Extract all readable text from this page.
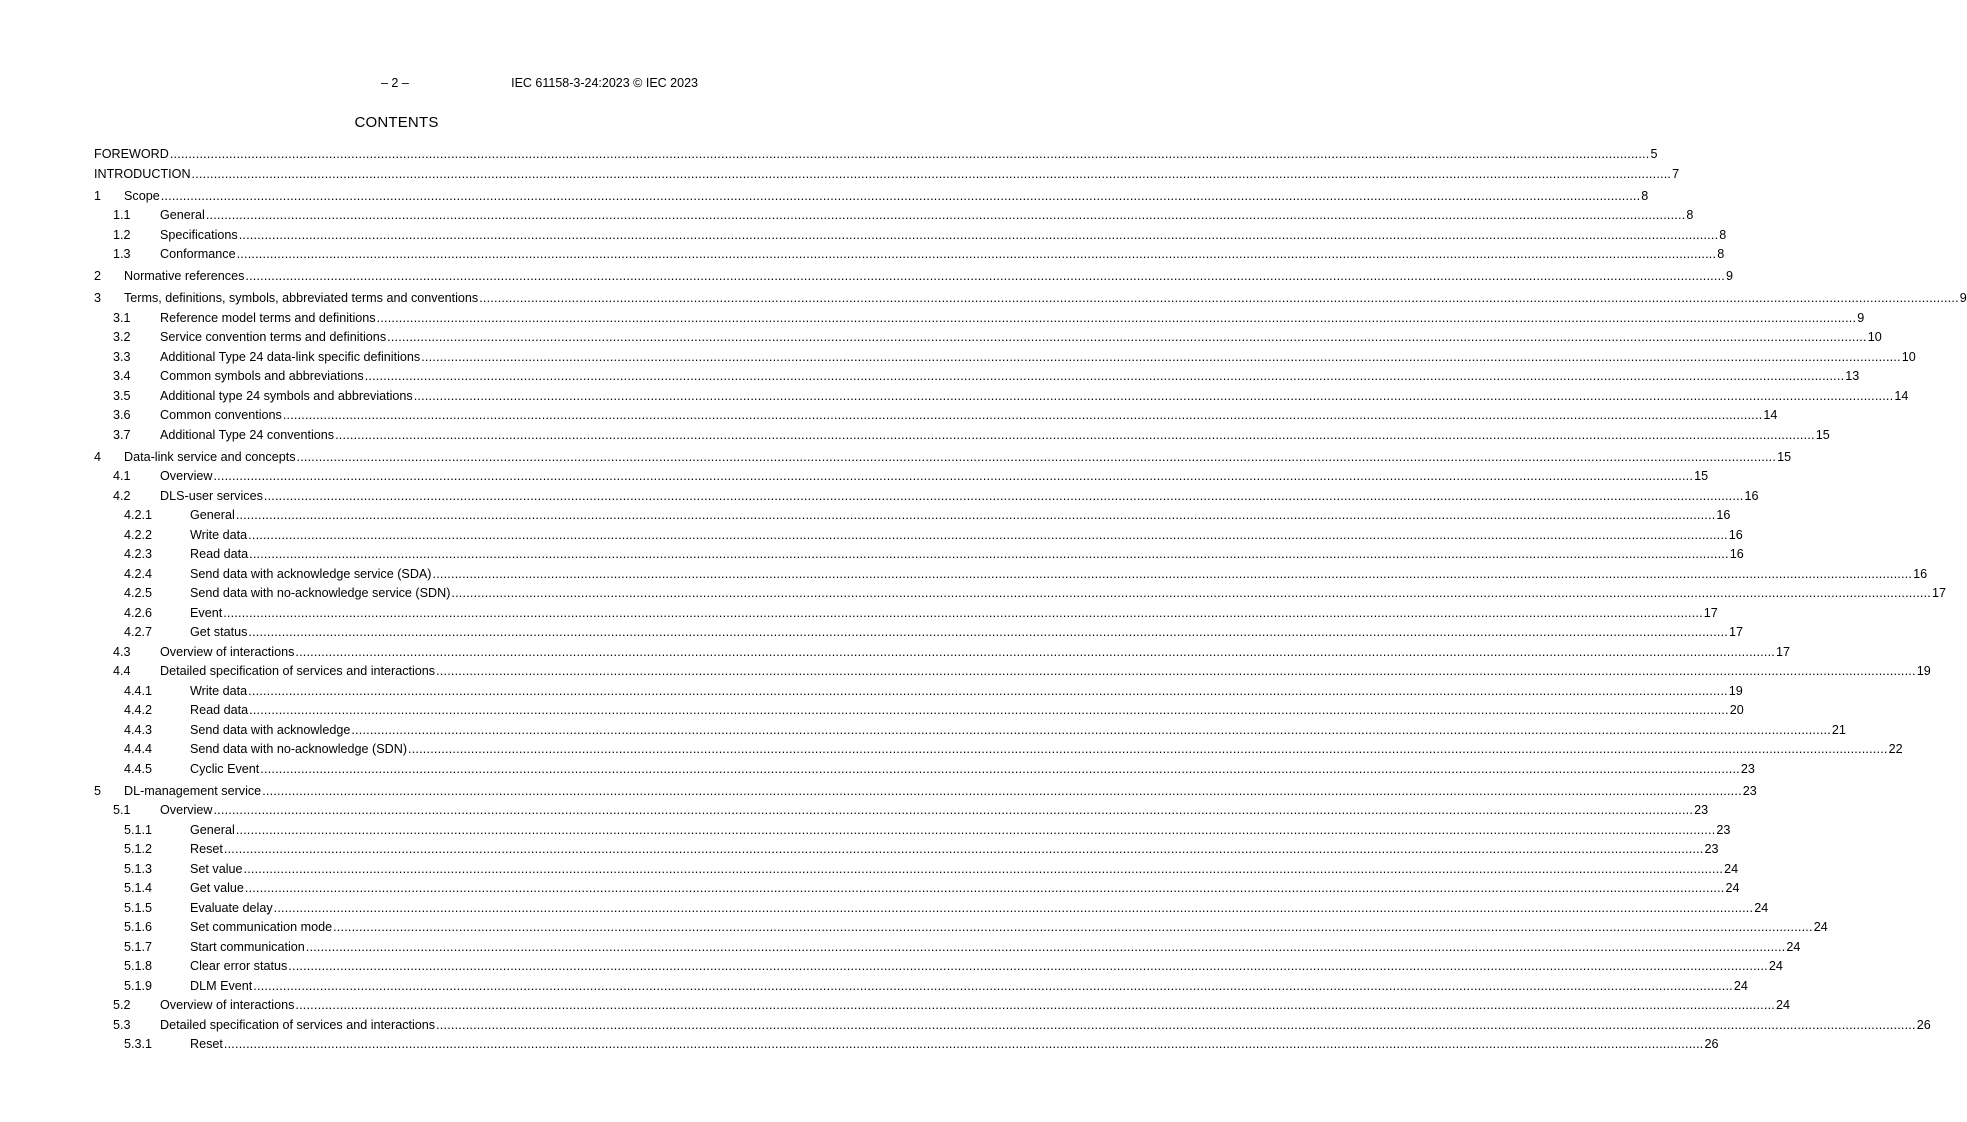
– 2 –	IEC 61158-3-24:2023 © IEC 2023
CONTENTS
FOREWORD ................................................................................................................................................................................................................................................................................................................................................................................................................ 5
INTRODUCTION ................................................................................................................................................................................................................................................................................................................................................................................................................ 7
1 Scope ................................................................................................................................................................................................................................................................................................................................................................................................................ 8
1.1 General ................................................................................................................................................................................................................................................................................................................................................................................................................ 8
1.2 Specifications ................................................................................................................................................................................................................................................................................................................................................................................................................ 8
1.3 Conformance ................................................................................................................................................................................................................................................................................................................................................................................................................ 8
2 Normative references ................................................................................................................................................................................................................................................................................................................................................................................................................ 9
3 Terms, definitions, symbols, abbreviated terms and conventions ................................................................................................................................................................................................................................................................................................................................................................................................................ 9
3.1 Reference model terms and definitions ................................................................................................................................................................................................................................................................................................................................................................................................................ 9
3.2 Service convention terms and definitions ................................................................................................................................................................................................................................................................................................................................................................................................................ 10
3.3 Additional Type 24 data-link specific definitions ................................................................................................................................................................................................................................................................................................................................................................................................................ 10
3.4 Common symbols and abbreviations ................................................................................................................................................................................................................................................................................................................................................................................................................ 13
3.5 Additional type 24 symbols and abbreviations ................................................................................................................................................................................................................................................................................................................................................................................................................ 14
3.6 Common conventions ................................................................................................................................................................................................................................................................................................................................................................................................................ 14
3.7 Additional Type 24 conventions ................................................................................................................................................................................................................................................................................................................................................................................................................ 15
4 Data-link service and concepts ................................................................................................................................................................................................................................................................................................................................................................................................................ 15
4.1 Overview ................................................................................................................................................................................................................................................................................................................................................................................................................ 15
4.2 DLS-user services ................................................................................................................................................................................................................................................................................................................................................................................................................ 16
4.2.1	General ................................................................................................................................................................................................................................................................................................................................................................................................................ 16
4.2.2	Write data ................................................................................................................................................................................................................................................................................................................................................................................................................ 16
4.2.3	Read data ................................................................................................................................................................................................................................................................................................................................................................................................................ 16
4.2.4	Send data with acknowledge service (SDA) ................................................................................................................................................................................................................................................................................................................................................................................................................ 16
4.2.5	Send data with no-acknowledge service (SDN) ................................................................................................................................................................................................................................................................................................................................................................................................................ 17
4.2.6	Event ................................................................................................................................................................................................................................................................................................................................................................................................................ 17
4.2.7	Get status ................................................................................................................................................................................................................................................................................................................................................................................................................ 17
4.3 Overview of interactions ................................................................................................................................................................................................................................................................................................................................................................................................................ 17
4.4 Detailed specification of services and interactions ................................................................................................................................................................................................................................................................................................................................................................................................................ 19
4.4.1	Write data ................................................................................................................................................................................................................................................................................................................................................................................................................ 19
4.4.2	Read data ................................................................................................................................................................................................................................................................................................................................................................................................................ 20
4.4.3	Send data with acknowledge ................................................................................................................................................................................................................................................................................................................................................................................................................ 21
4.4.4	Send data with no-acknowledge (SDN) ................................................................................................................................................................................................................................................................................................................................................................................................................ 22
4.4.5	Cyclic Event ................................................................................................................................................................................................................................................................................................................................................................................................................ 23
5 DL-management service ................................................................................................................................................................................................................................................................................................................................................................................................................ 23
5.1 Overview ................................................................................................................................................................................................................................................................................................................................................................................................................ 23
5.1.1	General ................................................................................................................................................................................................................................................................................................................................................................................................................ 23
5.1.2	Reset ................................................................................................................................................................................................................................................................................................................................................................................................................ 23
5.1.3	Set value ................................................................................................................................................................................................................................................................................................................................................................................................................ 24
5.1.4	Get value ................................................................................................................................................................................................................................................................................................................................................................................................................ 24
5.1.5	Evaluate delay ................................................................................................................................................................................................................................................................................................................................................................................................................ 24
5.1.6	Set communication mode ................................................................................................................................................................................................................................................................................................................................................................................................................ 24
5.1.7	Start communication ................................................................................................................................................................................................................................................................................................................................................................................................................ 24
5.1.8	Clear error status ................................................................................................................................................................................................................................................................................................................................................................................................................ 24
5.1.9	DLM Event ................................................................................................................................................................................................................................................................................................................................................................................................................ 24
5.2 Overview of interactions ................................................................................................................................................................................................................................................................................................................................................................................................................ 24
5.3 Detailed specification of services and interactions ................................................................................................................................................................................................................................................................................................................................................................................................................ 26
5.3.1	Reset ................................................................................................................................................................................................................................................................................................................................................................................................................ 26
